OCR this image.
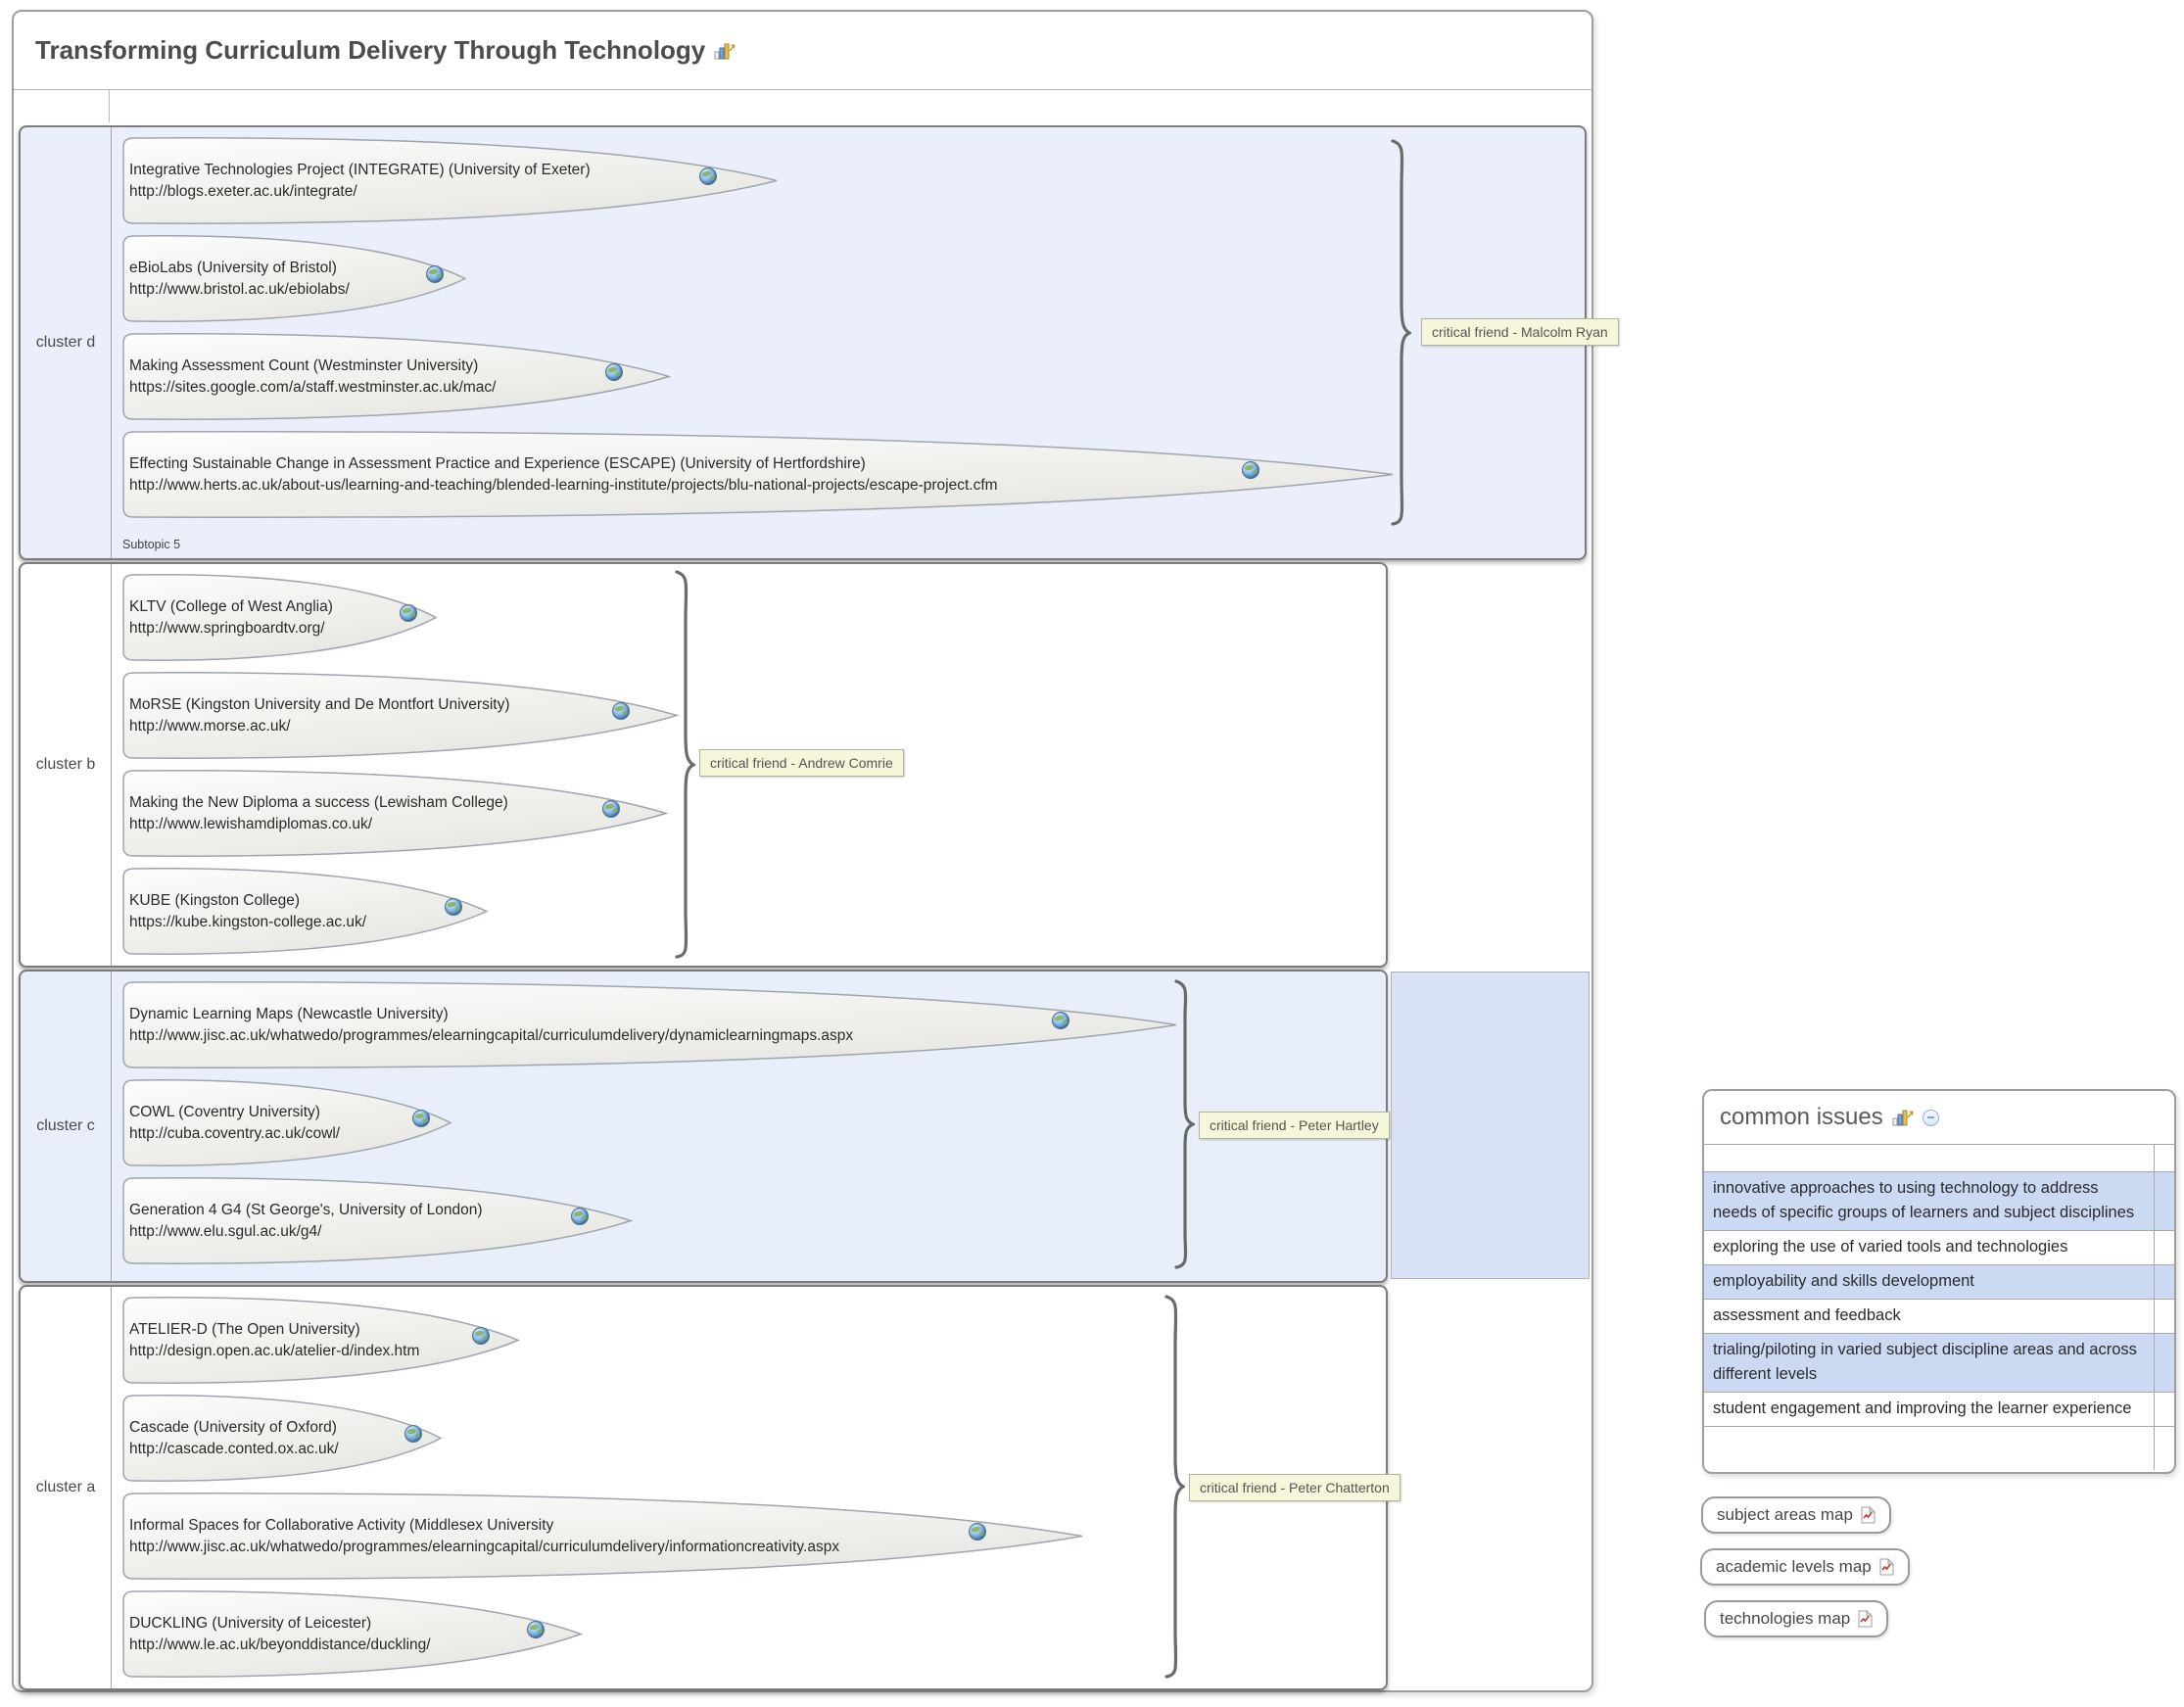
Transforming Curriculum Delivery Through Technology
cluster d
Integrative Technologies Project (INTEGRATE) (University of Exeter)
http://blogs.exeter.ac.uk/integrate/
eBioLabs (University of Bristol)
http://www.bristol.ac.uk/ebiolabs/
Making Assessment Count (Westminster University)
https://sites.google.com/a/staff.westminster.ac.uk/mac/
Effecting Sustainable Change in Assessment Practice and Experience (ESCAPE) (University of Hertfordshire)
http://www.herts.ac.uk/about-us/learning-and-teaching/blended-learning-institute/projects/blu-national-projects/escape-project.cfm
critical friend - Malcolm Ryan
Subtopic 5
cluster b
KLTV (College of West Anglia)
http://www.springboardtv.org/
MoRSE (Kingston University and De Montfort University)
http://www.morse.ac.uk/
Making the New Diploma a success (Lewisham College)
http://www.lewishamdiplomas.co.uk/
KUBE (Kingston College)
https://kube.kingston-college.ac.uk/
critical friend - Andrew Comrie
cluster c
Dynamic Learning Maps (Newcastle University)
http://www.jisc.ac.uk/whatwedo/programmes/elearningcapital/curriculumdelivery/dynamiclearningmaps.aspx
COWL (Coventry University)
http://cuba.coventry.ac.uk/cowl/
Generation 4 G4 (St George's, University of London)
http://www.elu.sgul.ac.uk/g4/
critical friend - Peter Hartley
cluster a
ATELIER-D (The Open University)
http://design.open.ac.uk/atelier-d/index.htm
Cascade (University of Oxford)
http://cascade.conted.ox.ac.uk/
Informal Spaces for Collaborative Activity (Middlesex University
http://www.jisc.ac.uk/whatwedo/programmes/elearningcapital/curriculumdelivery/informationcreativity.aspx
DUCKLING (University of Leicester)
http://www.le.ac.uk/beyonddistance/duckling/
critical friend - Peter Chatterton
common issues
innovative approaches to using technology to address needs of specific groups of learners and subject disciplines
exploring the use of varied tools and technologies
employability and skills development
assessment and feedback
trialing/piloting in varied subject discipline areas and across different levels
student engagement and improving the learner experience
subject areas map
academic levels map
technologies map
